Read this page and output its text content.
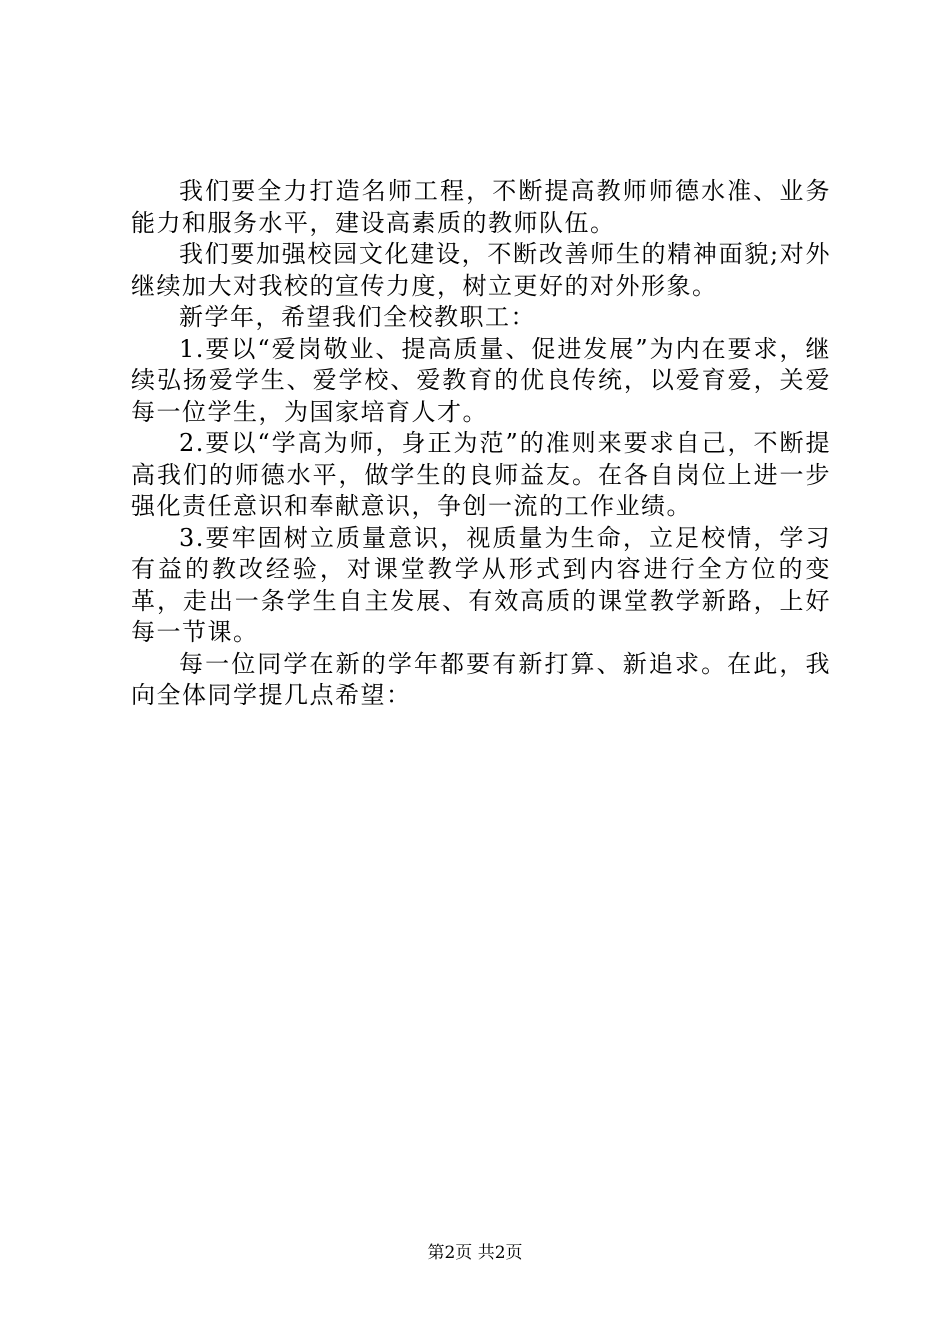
我们要全力打造名师工程，不断提高教师师德水准、业务能力和服务水平，建设高素质的教师队伍。

我们要加强校园文化建设，不断改善师生的精神面貌;对外继续加大对我校的宣传力度，树立更好的对外形象。

新学年，希望我们全校教职工：

1.要以“爱岗敬业、提高质量、促进发展”为内在要求，继续弘扬爱学生、爱学校、爱教育的优良传统，以爱育爱，关爱每一位学生，为国家培育人才。

2.要以“学高为师，身正为范”的准则来要求自己，不断提高我们的师德水平，做学生的良师益友。在各自岗位上进一步强化责任意识和奉献意识，争创一流的工作业绩。

3.要牢固树立质量意识，视质量为生命，立足校情，学习有益的教改经验，对课堂教学从形式到内容进行全方位的变革，走出一条学生自主发展、有效高质的课堂教学新路，上好每一节课。

每一位同学在新的学年都要有新打算、新追求。在此，我向全体同学提几点希望：

第2页 共2页
